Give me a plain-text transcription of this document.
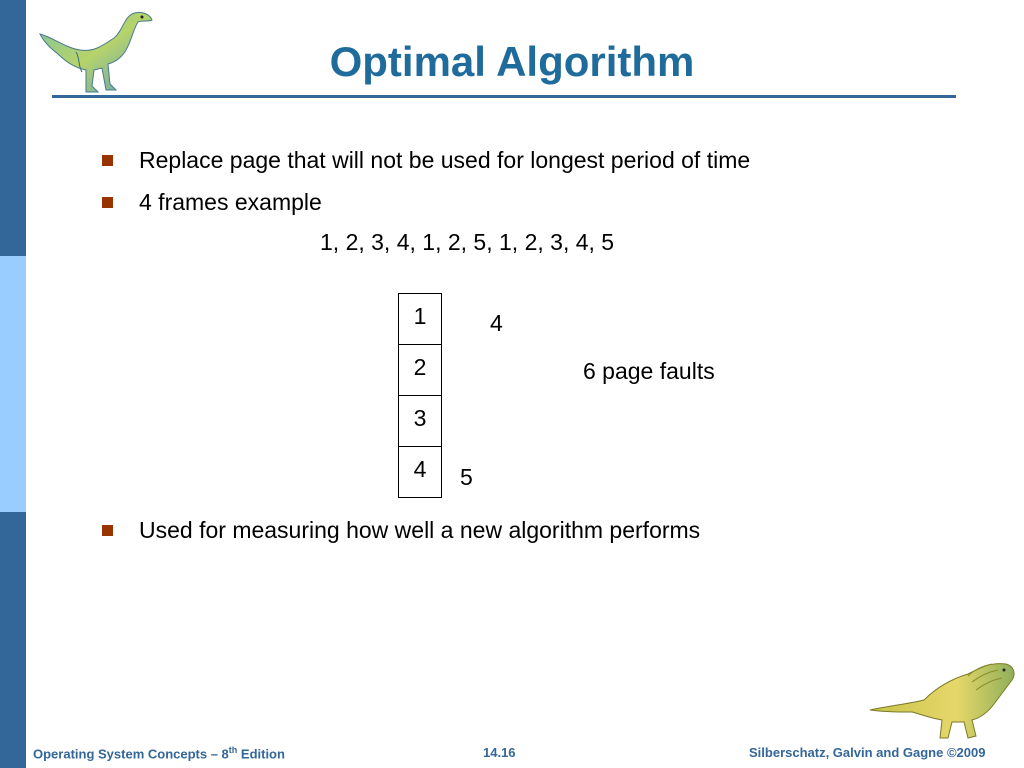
Optimal Algorithm
Replace page that will not be used for longest period of time
4 frames example
1, 2, 3, 4, 1, 2, 5, 1, 2, 3, 4, 5
1
2
3
4
4
5
6 page faults
Used for measuring how well a new algorithm performs
Operating System Concepts – 8th Edition	14.16	Silberschatz, Galvin and Gagne ©2009
